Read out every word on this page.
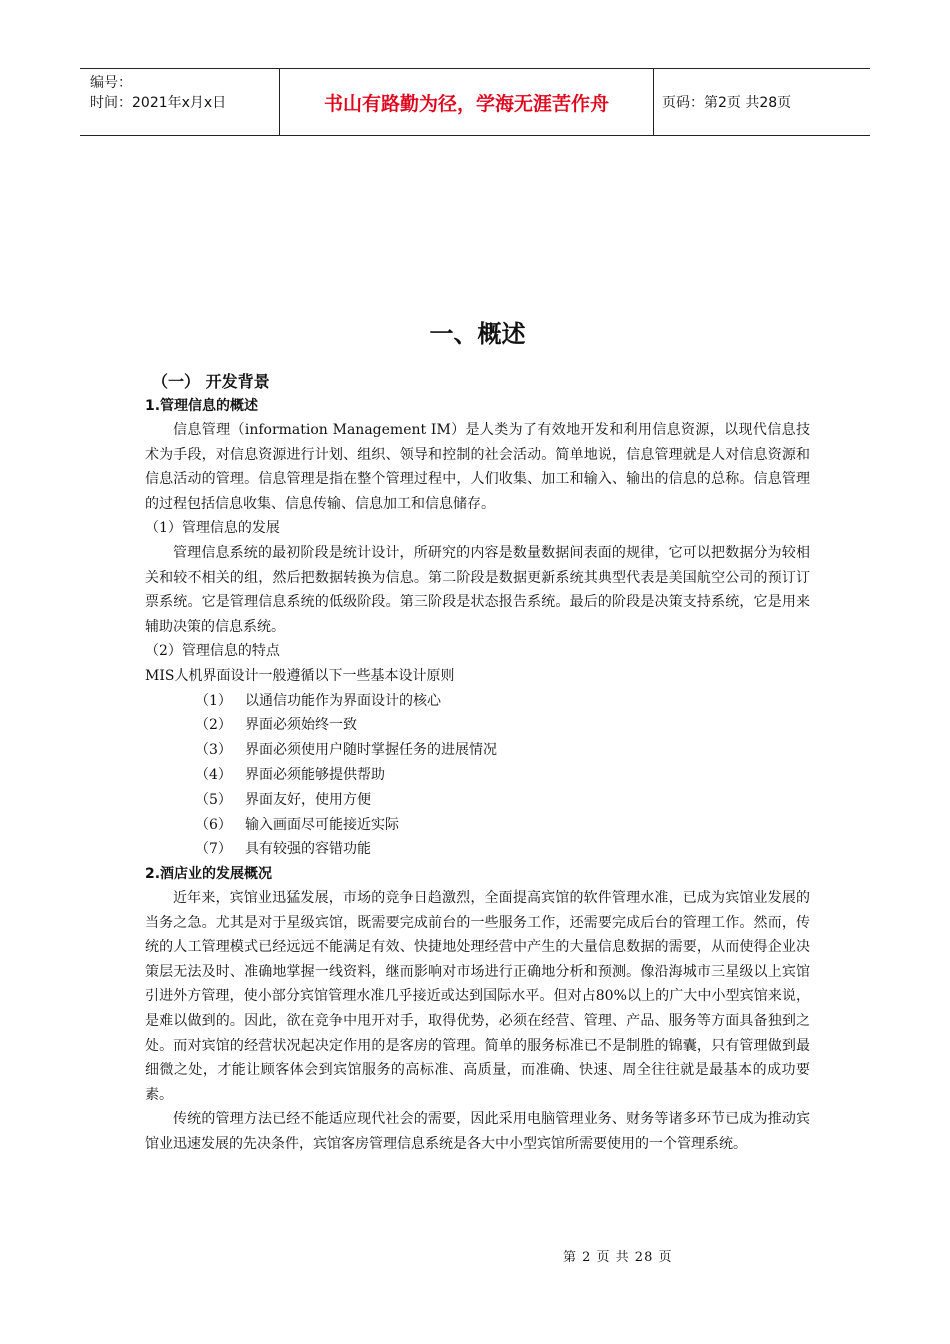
编号：
时间：2021年x月x日	书山有路勤为径，学海无涯苦作舟	页码：第2页 共28页
一、概述
（一） 开发背景
1.管理信息的概述

信息管理（information Management IM）是人类为了有效地开发和利用信息资源，以现代信息技术为手段，对信息资源进行计划、组织、领导和控制的社会活动。简单地说，信息管理就是人对信息资源和信息活动的管理。信息管理是指在整个管理过程中，人们收集、加工和输入、输出的信息的总称。信息管理的过程包括信息收集、信息传输、信息加工和信息储存。

（1）管理信息的发展

管理信息系统的最初阶段是统计设计，所研究的内容是数量数据间表面的规律，它可以把数据分为较相关和较不相关的组，然后把数据转换为信息。第二阶段是数据更新系统其典型代表是美国航空公司的预订订票系统。它是管理信息系统的低级阶段。第三阶段是状态报告系统。最后的阶段是决策支持系统，它是用来辅助决策的信息系统。

（2）管理信息的特点
MIS人机界面设计一般遵循以下一些基本设计原则
（1） 以通信功能作为界面设计的核心
（2） 界面必须始终一致
（3） 界面必须使用户随时掌握任务的进展情况
（4） 界面必须能够提供帮助
（5） 界面友好，使用方便
（6） 输入画面尽可能接近实际
（7） 具有较强的容错功能
2.酒店业的发展概况

近年来，宾馆业迅猛发展，市场的竞争日趋激烈，全面提高宾馆的软件管理水准，已成为宾馆业发展的当务之急。尤其是对于星级宾馆，既需要完成前台的一些服务工作，还需要完成后台的管理工作。然而，传统的人工管理模式已经远远不能满足有效、快捷地处理经营中产生的大量信息数据的需要，从而使得企业决策层无法及时、准确地掌握一线资料，继而影响对市场进行正确地分析和预测。像沿海城市三星级以上宾馆引进外方管理，使小部分宾馆管理水准几乎接近或达到国际水平。但对占80%以上的广大中小型宾馆来说，是难以做到的。因此，欲在竞争中甩开对手，取得优势，必须在经营、管理、产品、服务等方面具备独到之处。而对宾馆的经营状况起决定作用的是客房的管理。简单的服务标准已不是制胜的锦囊，只有管理做到最细微之处，才能让顾客体会到宾馆服务的高标准、高质量，而准确、快速、周全往往就是最基本的成功要素。

传统的管理方法已经不能适应现代社会的需要，因此采用电脑管理业务、财务等诸多环节已成为推动宾馆业迅速发展的先决条件，宾馆客房管理信息系统是各大中小型宾馆所需要使用的一个管理系统。

第 2 页 共 28 页
